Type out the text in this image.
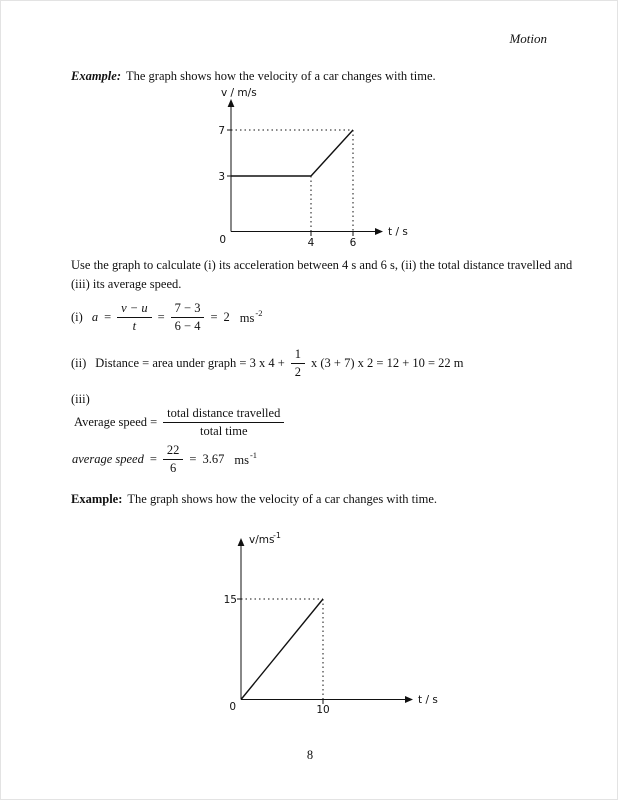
Motion

Example: The graph shows how the velocity of a car changes with time.

v / m/s
7
3
0	4	6
t / s

Use the graph to calculate (i) its acceleration between 4 s and 6 s, (ii) the total distance travelled and (iii) its average speed.

(i) $a = \frac{v - u}{t} = \frac{7 - 3}{6 - 4} = 2$ $ms^{-2}$
(ii) Distance = area under graph = 3 x $4 + \frac{1}{2}$ x (3 + 7) x 2 = 12 + 10 = 22 m

(iii)

Average speed = $\frac{\text{total distance travelled}}{\text{total time}}$
average speed = $\frac{22}{6} = 3.67$ $ms^{-1}$

Example: The graph shows how the velocity of a car changes with time.

v/ms
-1
15
0	10
t / s
8
